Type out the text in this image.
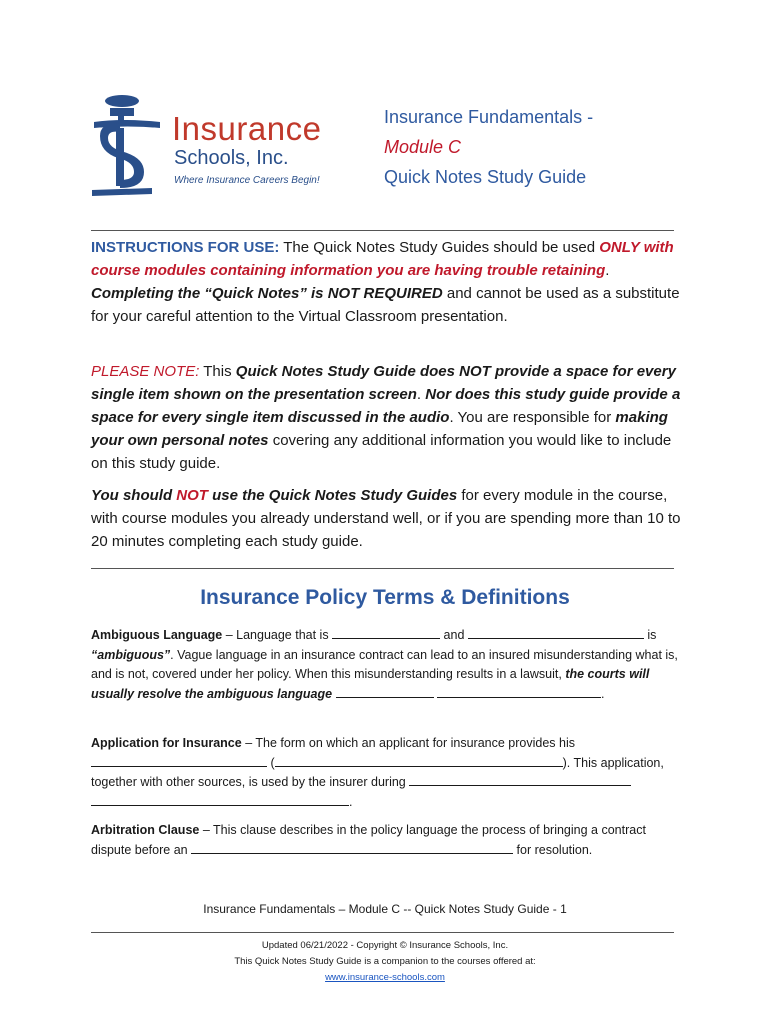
Insurance
Schools, Inc.
Where Insurance Careers Begin!
Insurance Fundamentals -
Module C
Quick Notes Study Guide
INSTRUCTIONS FOR USE: The Quick Notes Study Guides should be used ONLY with course modules containing information you are having trouble retaining. Completing the “Quick Notes” is NOT REQUIRED and cannot be used as a substitute for your careful attention to the Virtual Classroom presentation.
PLEASE NOTE: This Quick Notes Study Guide does NOT provide a space for every single item shown on the presentation screen. Nor does this study guide provide a space for every single item discussed in the audio. You are responsible for making your own personal notes covering any additional information you would like to include on this study guide.
You should NOT use the Quick Notes Study Guides for every module in the course, with course modules you already understand well, or if you are spending more than 10 to 20 minutes completing each study guide.
Insurance Policy Terms & Definitions
Ambiguous Language – Language that is	and	is “ambiguous”. Vague language in an insurance contract can lead to an insured misunderstanding what is, and is not, covered under her policy. When this misunderstanding results in a lawsuit, the courts will usually resolve the ambiguous language	.
Application for Insurance – The form on which an applicant for insurance provides his  (	). This application, together with other sources, is used by the insurer during  .
Arbitration Clause – This clause describes in the policy language the process of bringing a contract dispute before an	for resolution.
Insurance Fundamentals – Module C -- Quick Notes Study Guide - 1
Updated 06/21/2022 - Copyright © Insurance Schools, Inc.
This Quick Notes Study Guide is a companion to the courses offered at:
www.insurance-schools.com
